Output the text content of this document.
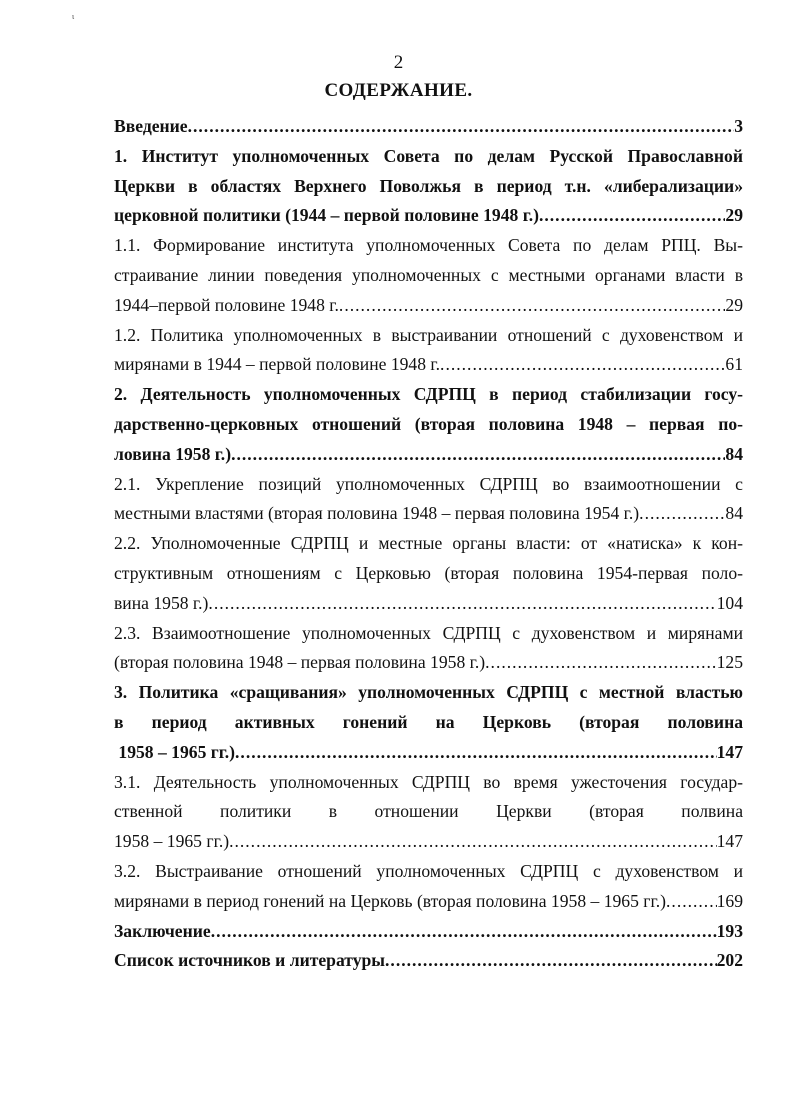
ɩ
2
СОДЕРЖАНИЕ.
Введение .....	3
1. Институт уполномоченных Совета по делам Русской Православной
Церкви в областях Верхнего Поволжья в период т.н. «либерализации»
церковной политики (1944 – первой половине 1948 г.) .....	29
1.1. Формирование института уполномоченных Совета по делам РПЦ. Вы-
страивание линии поведения уполномоченных с местными органами власти в
1944–первой половине 1948 г. .....	29
1.2. Политика уполномоченных в выстраивании отношений с духовенством и
мирянами в 1944 – первой половине 1948 г. .....	61
2. Деятельность уполномоченных СДРПЦ в период стабилизации госу-
дарственно-церковных отношений (вторая половина 1948 – первая по-
ловина 1958 г.) .....	84
2.1. Укрепление позиций уполномоченных СДРПЦ во взаимоотношении с
местными властями (вторая половина 1948 – первая половина 1954 г.) .....	84
2.2. Уполномоченные СДРПЦ и местные органы власти: от «натиска» к кон-
структивным отношениям с Церковью (вторая половина 1954-первая поло-
вина 1958 г.) .....	104
2.3. Взаимоотношение уполномоченных СДРПЦ с духовенством и мирянами
(вторая половина 1948 – первая половина 1958 г.) .....	125
3. Политика «сращивания» уполномоченных СДРПЦ с местной властью
в период активных гонений на Церковь (вторая половина
1958 – 1965 гг.) .....	147
3.1. Деятельность уполномоченных СДРПЦ во время ужесточения государ-
ственной политики в отношении Церкви (вторая полвина
1958 – 1965 гг.) .....	147
3.2. Выстраивание отношений уполномоченных СДРПЦ с духовенством и
мирянами в период гонений на Церковь (вторая половина 1958 – 1965 гг.) .....	169
Заключение .....	193
Список источников и литературы .....	202
